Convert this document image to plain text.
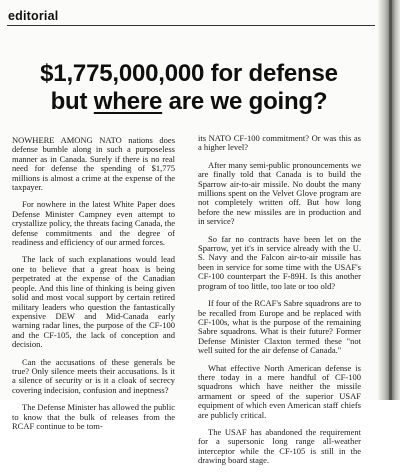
editorial
$1,775,000,000 for defense
but where are we going?

NOWHERE AMONG NATO nations does defense bumble along in such a purposeless manner as in Canada. Surely if there is no real need for defense the spending of $1,775 millions is almost a crime at the expense of the taxpayer.

For nowhere in the latest White Paper does Defense Minister Campney even attempt to crystallize policy, the threats facing Canada, the defense commitments and the degree of readiness and efficiency of our armed forces.

The lack of such explanations would lead one to believe that a great hoax is being perpetrated at the expense of the Canadian people. And this line of thinking is being given solid and most vocal support by certain retired military leaders who question the fantastically expensive DEW and Mid-Canada early warning radar lines, the purpose of the CF-100 and the CF-105, the lack of conception and decision.

Can the accusations of these generals be true? Only silence meets their accusations. Is it a silence of security or is it a cloak of secrecy covering indecision, confusion and ineptness?

The Defense Minister has allowed the public to know that the bulk of releases from the RCAF continue to be tom-

its NATO CF-100 commitment? Or was this as a higher level?

After many semi-public pronouncements we are finally told that Canada is to build the Sparrow air-to-air missile. No doubt the many millions spent on the Velvet Glove program are not completely written off. But how long before the new missiles are in production and in service?

So far no contracts have been let on the Sparrow, yet it's in service already with the U. S. Navy and the Falcon air-to-air missile has been in service for some time with the USAF's CF-100 counterpart the F-89H. Is this another program of too little, too late or too old?

If four of the RCAF's Sabre squadrons are to be recalled from Europe and be replaced with CF-100s, what is the purpose of the remaining Sabre squadrons. What is their future? Former Defense Minister Claxton termed these "not well suited for the air defense of Canada."

What effective North American defense is there today in a mere handful of CF-100 squadrons which have neither the missile armament or speed of the superior USAF equipment of which even American staff chiefs are publicly critical.

The USAF has abandoned the requirement for a supersonic long range all-weather interceptor while the CF-105 is still in the drawing board stage.
